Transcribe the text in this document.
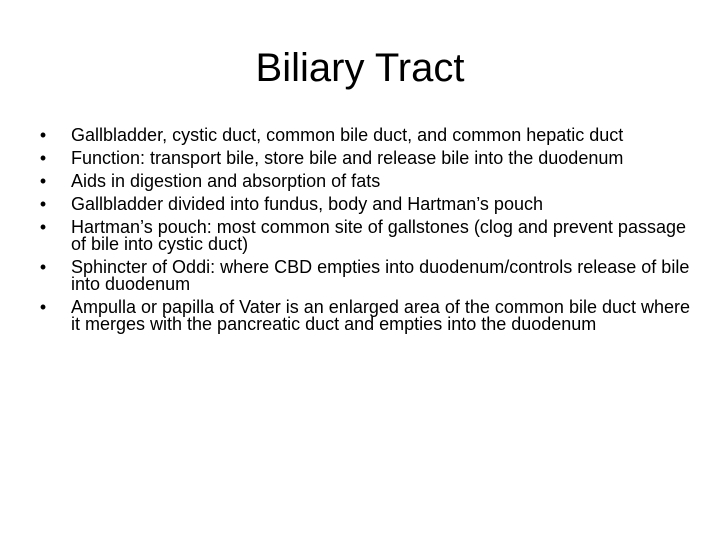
Biliary Tract
• Gallbladder, cystic duct, common bile duct, and common hepatic duct
• Function: transport bile, store bile and release bile into the duodenum
• Aids in digestion and absorption of fats
• Gallbladder divided into fundus, body and Hartman’s pouch
• Hartman’s pouch: most common site of gallstones (clog and prevent passage of bile into cystic duct)
• Sphincter of Oddi: where CBD empties into duodenum/controls release of bile into duodenum
• Ampulla or papilla of Vater is an enlarged area of the common bile duct where it merges with the pancreatic duct and empties into the duodenum
